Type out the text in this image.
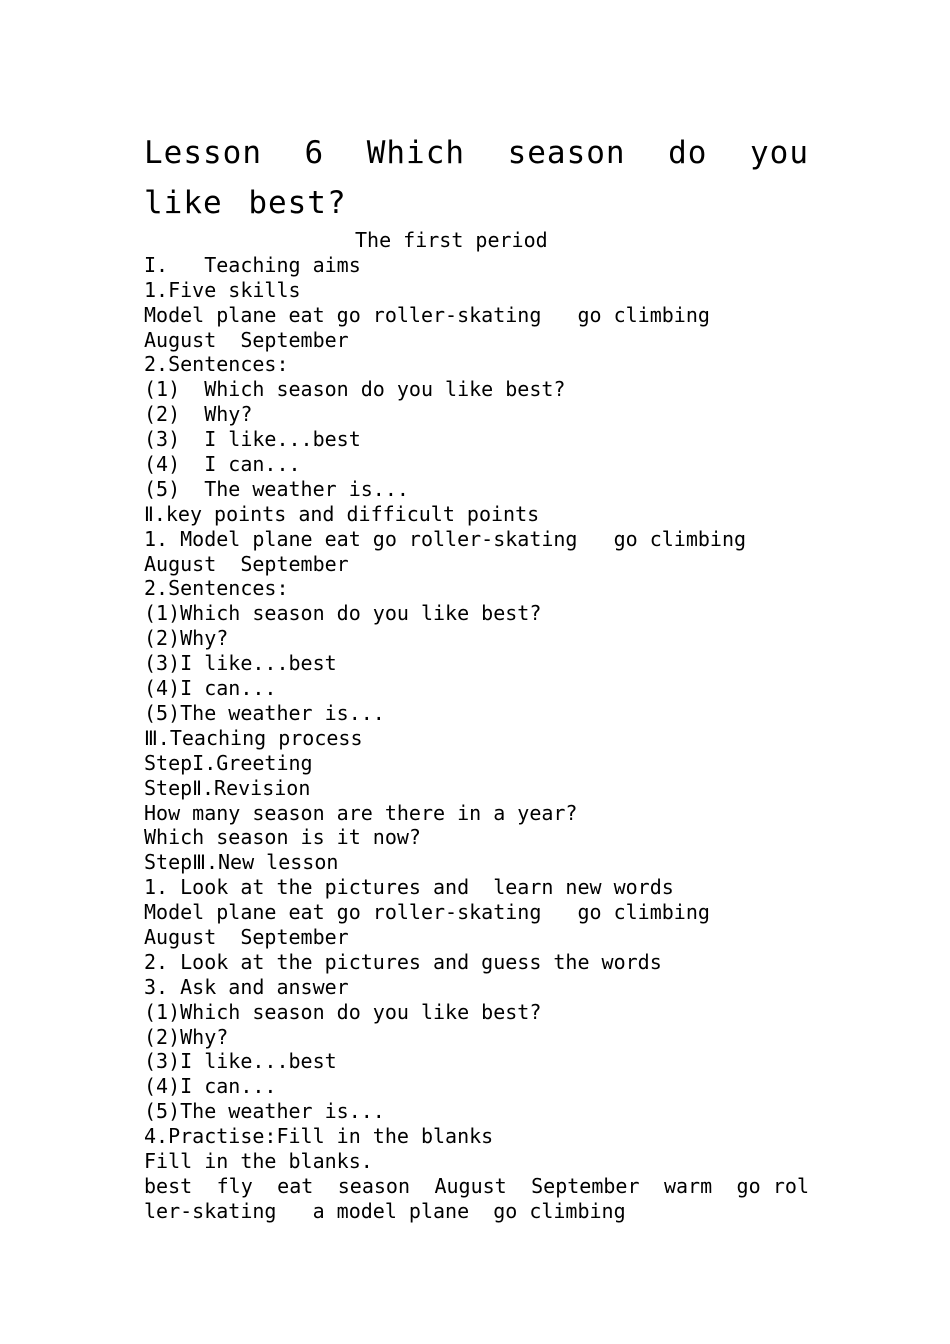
Lesson 6 Which season do you like best?
The first period
I.   Teaching aims
1.Five skills
Model plane eat go roller-skating   go climbing
August  September
2.Sentences:
(1)  Which season do you like best?
(2)  Why?
(3)  I like...best
(4)  I can...
(5)  The weather is...
Ⅱ.key points and difficult points
1. Model plane eat go roller-skating   go climbing
August  September
2.Sentences:
(1)Which season do you like best?
(2)Why?
(3)I like...best
(4)I can...
(5)The weather is...
Ⅲ.Teaching process
StepI.Greeting
StepⅡ.Revision
How many season are there in a year?
Which season is it now?
StepⅢ.New lesson
1. Look at the pictures and  learn new words
Model plane eat go roller-skating   go climbing
August  September
2. Look at the pictures and guess the words
3. Ask and answer
(1)Which season do you like best?
(2)Why?
(3)I like...best
(4)I can...
(5)The weather is...
4.Practise:Fill in the blanks
Fill in the blanks.
best  fly  eat  season  August  September  warm  go roller-skating   a model plane  go climbing
